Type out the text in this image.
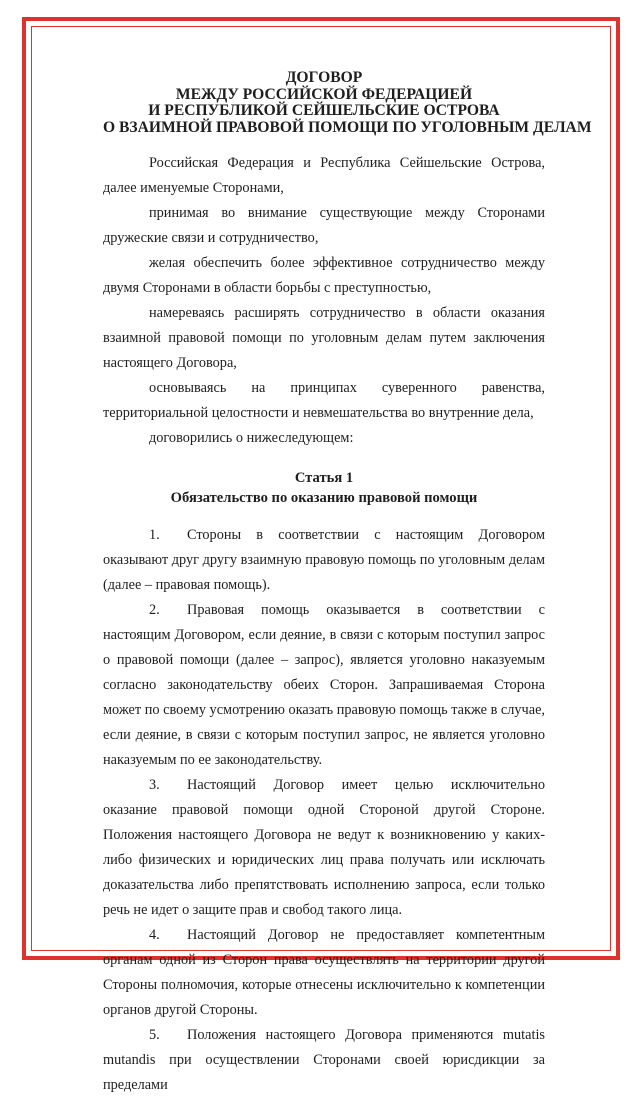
ДОГОВОР
МЕЖДУ РОССИЙСКОЙ ФЕДЕРАЦИЕЙ
И РЕСПУБЛИКОЙ СЕЙШЕЛЬСКИЕ ОСТРОВА
О ВЗАИМНОЙ ПРАВОВОЙ ПОМОЩИ ПО УГОЛОВНЫМ ДЕЛАМ

Российская Федерация и Республика Сейшельские Острова, далее именуемые Сторонами,

принимая во внимание существующие между Сторонами дружеские связи и сотрудничество,

желая обеспечить более эффективное сотрудничество между двумя Сторонами в области борьбы с преступностью,

намереваясь расширять сотрудничество в области оказания взаимной правовой помощи по уголовным делам путем заключения настоящего Договора,

основываясь на принципах суверенного равенства, территориальной целостности и невмешательства во внутренние дела,

договорились о нижеследующем:

Статья 1
Обязательство по оказанию правовой помощи

1. Стороны в соответствии с настоящим Договором оказывают друг другу взаимную правовую помощь по уголовным делам (далее – правовая помощь).

2. Правовая помощь оказывается в соответствии с настоящим Договором, если деяние, в связи с которым поступил запрос о правовой помощи (далее – запрос), является уголовно наказуемым согласно законодательству обеих Сторон. Запрашиваемая Сторона может по своему усмотрению оказать правовую помощь также в случае, если деяние, в связи с которым поступил запрос, не является уголовно наказуемым по ее законодательству.

3. Настоящий Договор имеет целью исключительно оказание правовой помощи одной Стороной другой Стороне. Положения настоящего Договора не ведут к возникновению у каких-либо физических и юридических лиц права получать или исключать доказательства либо препятствовать исполнению запроса, если только речь не идет о защите прав и свобод такого лица.

4. Настоящий Договор не предоставляет компетентным органам одной из Сторон права осуществлять на территории другой Стороны полномочия, которые отнесены исключительно к компетенции органов другой Стороны.

5. Положения настоящего Договора применяются mutatis mutandis при осуществлении Сторонами своей юрисдикции за пределами
